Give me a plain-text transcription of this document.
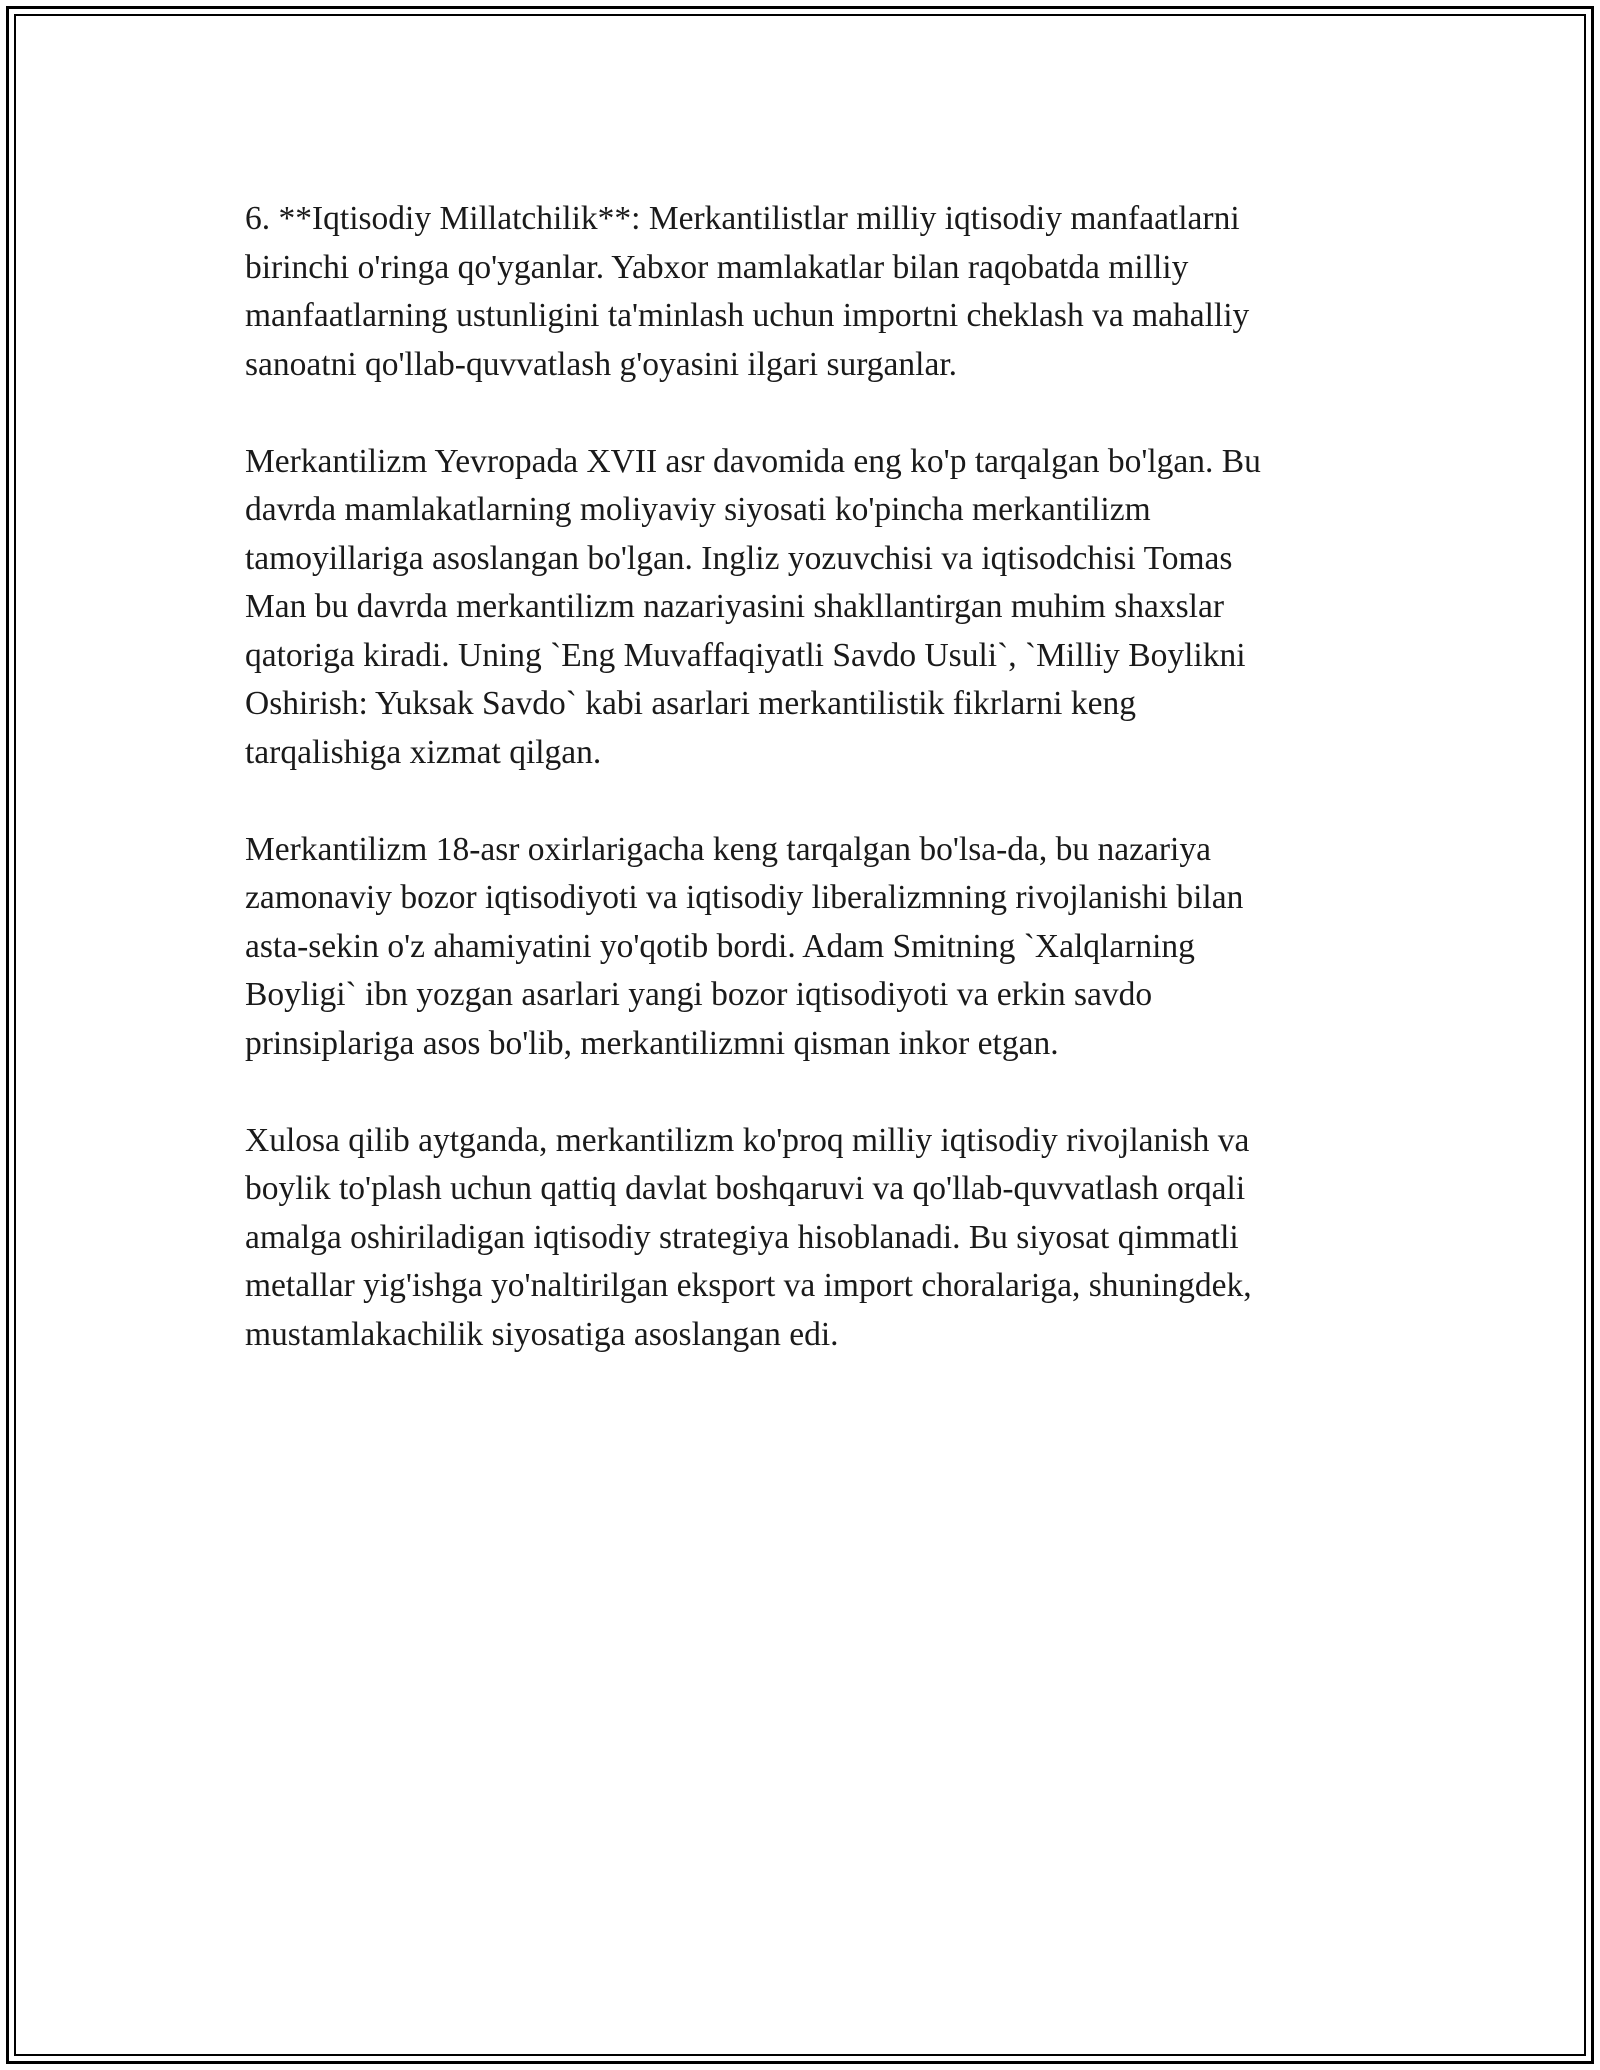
6. **Iqtisodiy Millatchilik**: Merkantilistlar milliy iqtisodiy manfaatlarni
birinchi o'ringa qo'yganlar. Yabxor mamlakatlar bilan raqobatda milliy
manfaatlarning ustunligini ta'minlash uchun importni cheklash va mahalliy
sanoatni qo'llab-quvvatlash g'oyasini ilgari surganlar.

Merkantilizm Yevropada XVII asr davomida eng ko'p tarqalgan bo'lgan. Bu
davrda mamlakatlarning moliyaviy siyosati ko'pincha merkantilizm
tamoyillariga asoslangan bo'lgan. Ingliz yozuvchisi va iqtisodchisi Tomas
Man bu davrda merkantilizm nazariyasini shakllantirgan muhim shaxslar
qatoriga kiradi. Uning `Eng Muvaffaqiyatli Savdo Usuli`, `Milliy Boylikni
Oshirish: Yuksak Savdo` kabi asarlari merkantilistik fikrlarni keng
tarqalishiga xizmat qilgan.

Merkantilizm 18-asr oxirlarigacha keng tarqalgan bo'lsa-da, bu nazariya
zamonaviy bozor iqtisodiyoti va iqtisodiy liberalizmning rivojlanishi bilan
asta-sekin o'z ahamiyatini yo'qotib bordi. Adam Smitning `Xalqlarning
Boyligi` ibn yozgan asarlari yangi bozor iqtisodiyoti va erkin savdo
prinsiplariga asos bo'lib, merkantilizmni qisman inkor etgan.

Xulosa qilib aytganda, merkantilizm ko'proq milliy iqtisodiy rivojlanish va
boylik to'plash uchun qattiq davlat boshqaruvi va qo'llab-quvvatlash orqali
amalga oshiriladigan iqtisodiy strategiya hisoblanadi. Bu siyosat qimmatli
metallar yig'ishga yo'naltirilgan eksport va import choralariga, shuningdek,
mustamlakachilik siyosatiga asoslangan edi.
